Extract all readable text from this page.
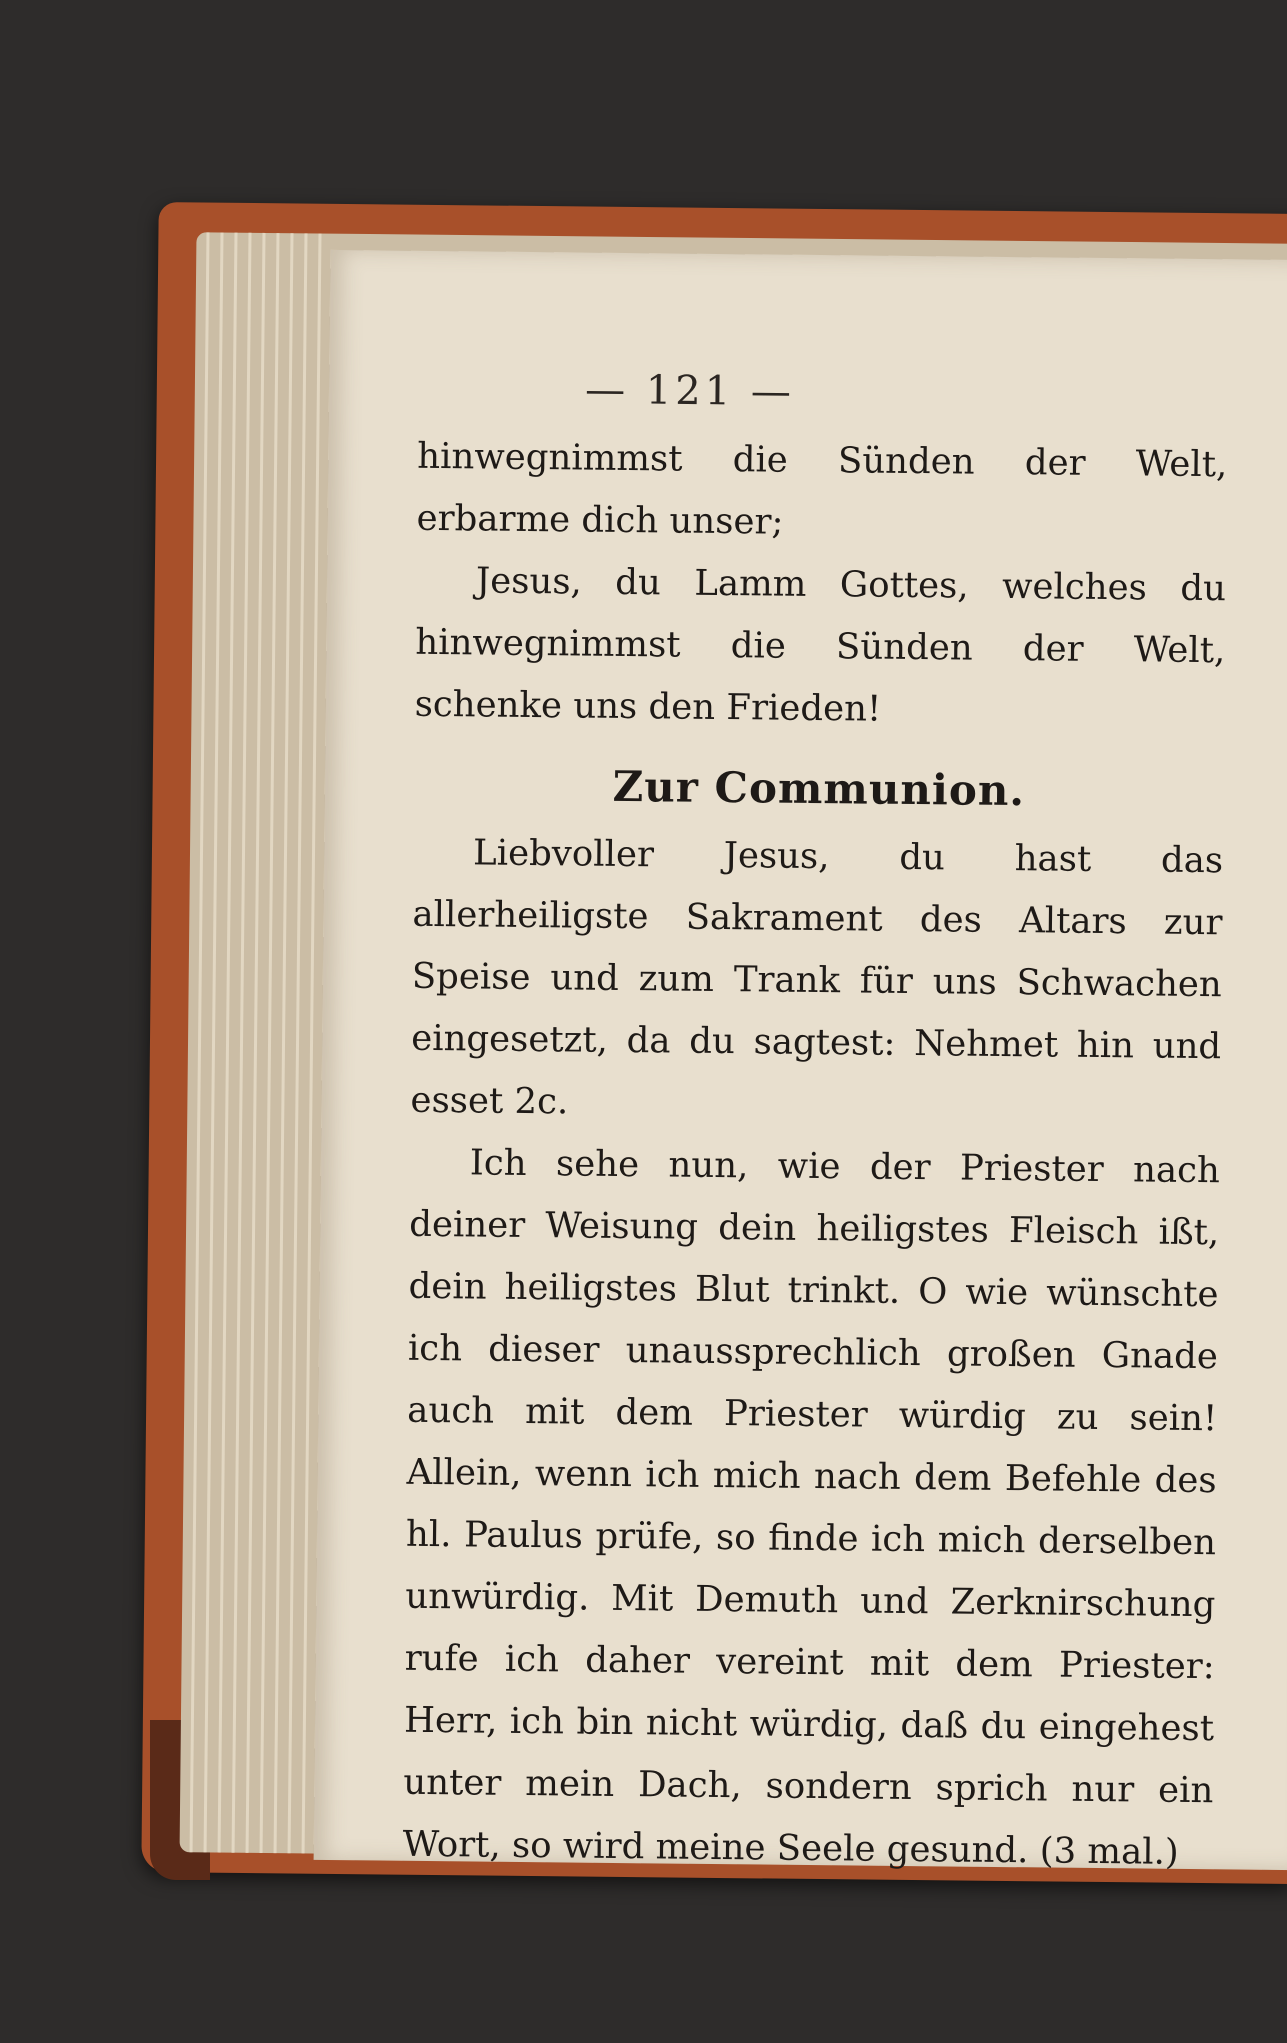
— 121 —

hinwegnimmst die Sünden der Welt, erbarme dich unser;

Jesus, du Lamm Gottes, welches du hinwegnimmst die Sünden der Welt, schenke uns den Frieden!

Zur Communion.

Liebvoller Jesus, du hast das allerheiligste Sakrament des Altars zur Speise und zum Trank für uns Schwachen eingesetzt, da du sagtest: Nehmet hin und esset 2c.

Ich sehe nun, wie der Priester nach deiner Weisung dein heiligstes Fleisch ißt, dein heiligstes Blut trinkt. O wie wünschte ich dieser unaussprechlich großen Gnade auch mit dem Priester würdig zu sein! Allein, wenn ich mich nach dem Befehle des hl. Paulus prüfe, so finde ich mich derselben unwürdig. Mit Demuth und Zerknirschung rufe ich daher vereint mit dem Priester: Herr, ich bin nicht würdig, daß du eingehest unter mein Dach, sondern sprich nur ein Wort, so wird meine Seele gesund. (3 mal.)
